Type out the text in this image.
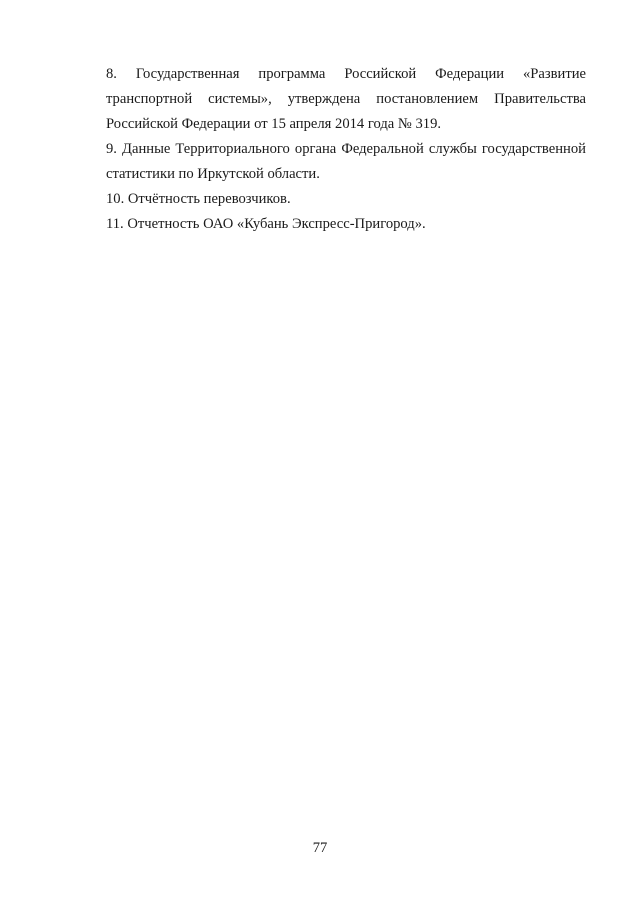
8. Государственная программа Российской Федерации «Развитие
транспортной системы», утверждена постановлением Правительства
Российской Федерации от 15 апреля 2014 года № 319.
9. Данные Территориального органа Федеральной службы государственной
статистики по Иркутской области.
10. Отчётность перевозчиков.
11. Отчетность ОАО «Кубань Экспресс-Пригород».
77
